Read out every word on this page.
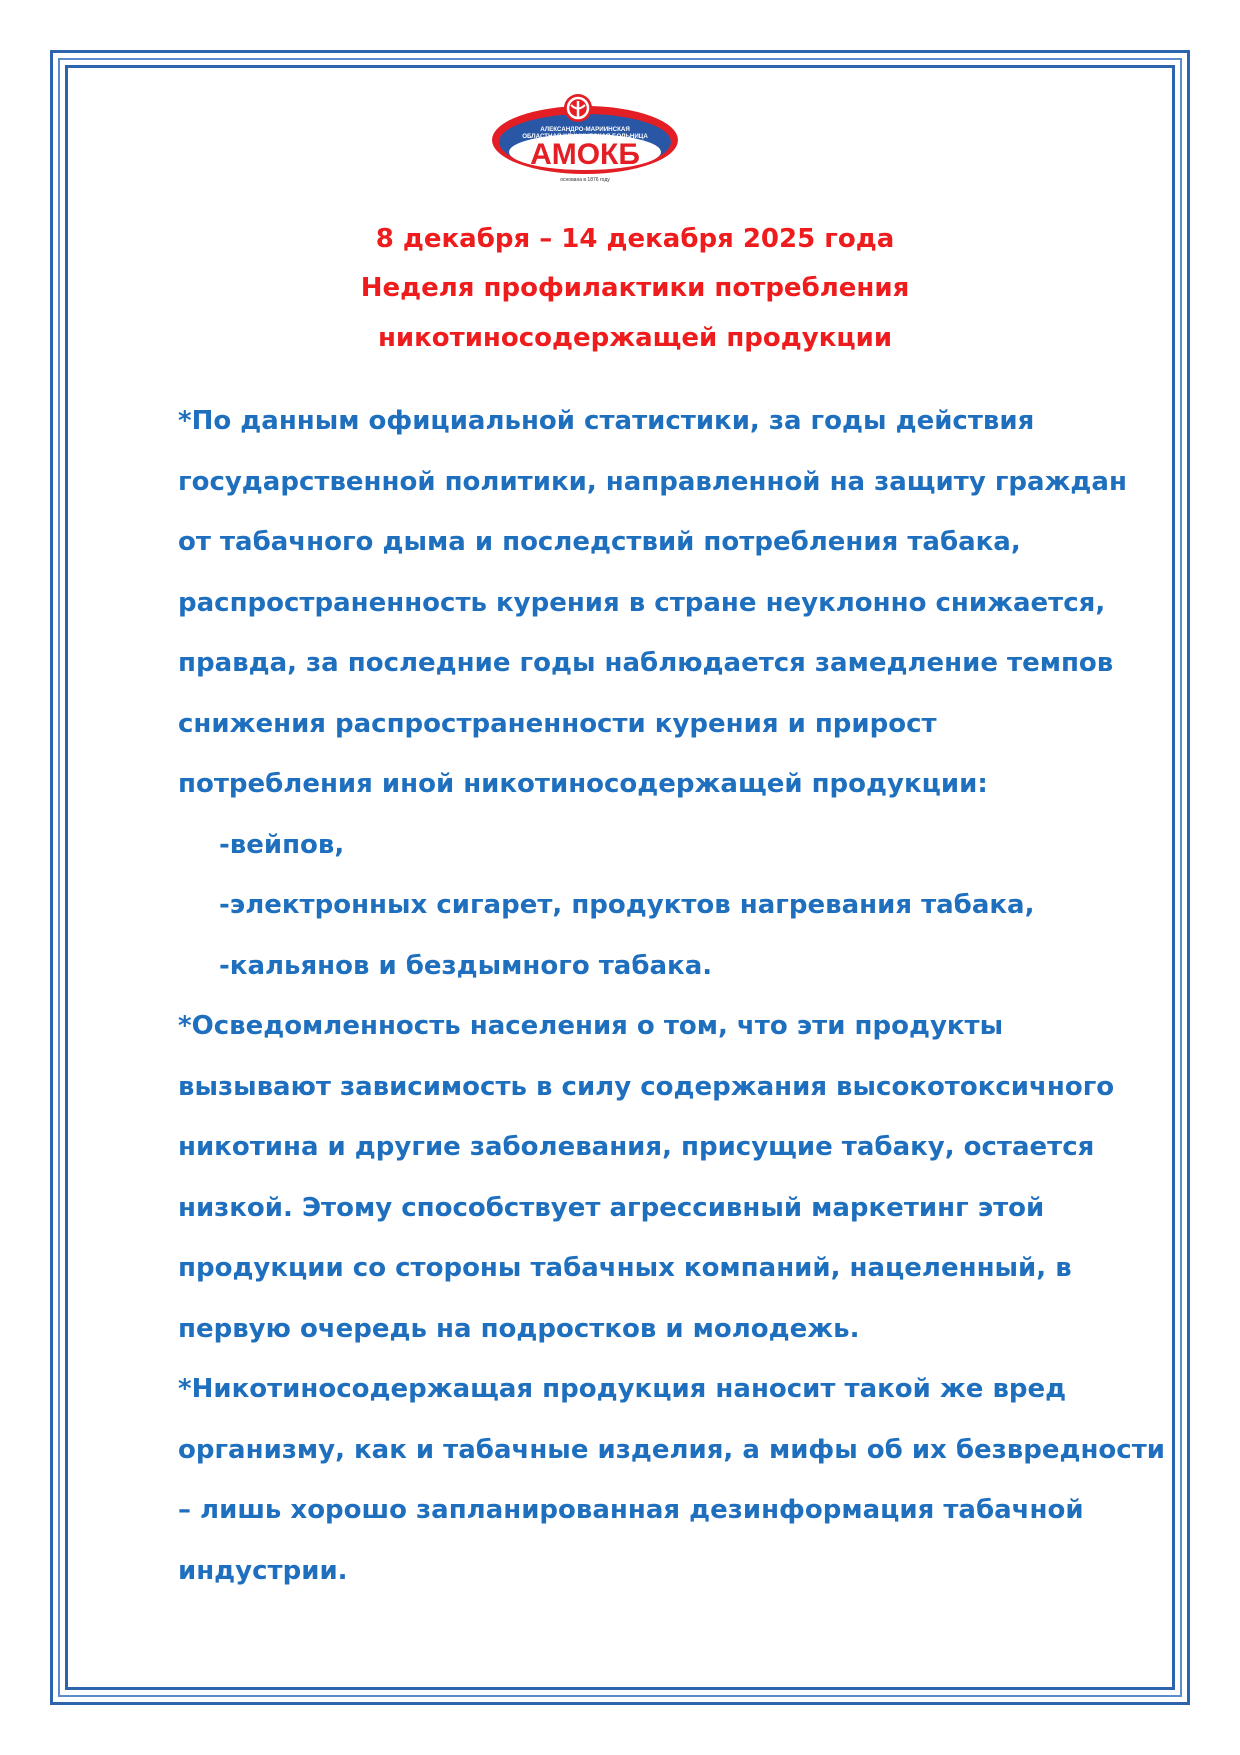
АЛЕКСАНДРО-МАРИИНСКАЯ
ОБЛАСТНАЯ КЛИНИЧЕСКАЯ БОЛЬНИЦА
АМОКБ
основана в 1876 году
8 декабря – 14 декабря 2025 года
Неделя профилактики потребления
никотиносодержащей продукции
*По данным официальной статистики, за годы действия
государственной политики, направленной на защиту граждан
от табачного дыма и последствий потребления табака,
распространенность курения в стране неуклонно снижается,
правда, за последние годы наблюдается замедление темпов
снижения распространенности курения и прирост
потребления иной никотиносодержащей продукции:
-вейпов,
-электронных сигарет, продуктов нагревания табака,
-кальянов и бездымного табака.
*Осведомленность населения о том, что эти продукты
вызывают зависимость в силу содержания высокотоксичного
никотина и другие заболевания, присущие табаку, остается
низкой. Этому способствует агрессивный маркетинг этой
продукции со стороны табачных компаний, нацеленный, в
первую очередь на подростков и молодежь.
*Никотиносодержащая продукция наносит такой же вред
организму, как и табачные изделия, а мифы об их безвредности
– лишь хорошо запланированная дезинформация табачной
индустрии.
